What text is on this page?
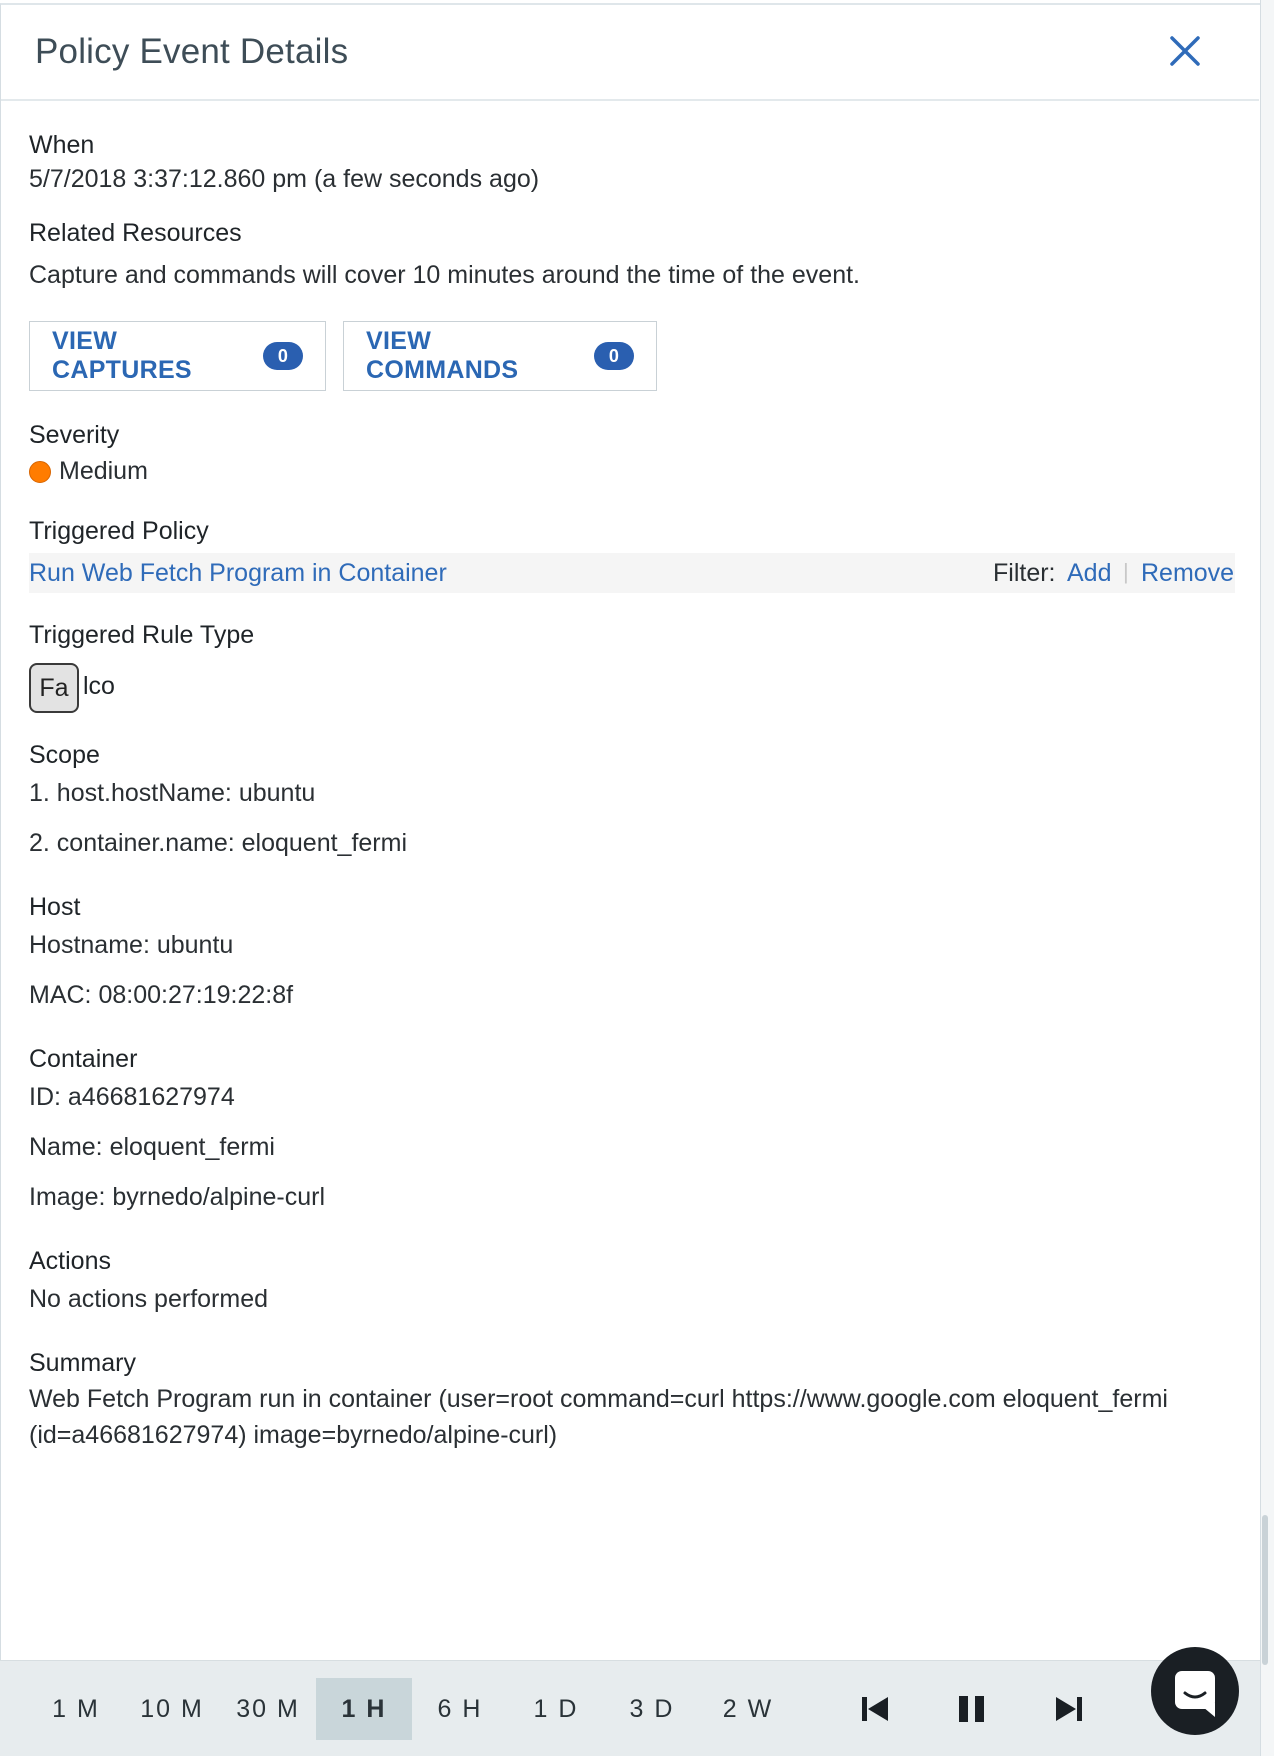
Policy Event Details
When
5/7/2018 3:37:12.860 pm (a few seconds ago)
Related Resources
Capture and commands will cover 10 minutes around the time of the event.
VIEW CAPTURES	0
VIEW COMMANDS	0
Severity
Medium
Triggered Policy
Run Web Fetch Program in Container	Filter: Add | Remove
Triggered Rule Type
Fa lco
Scope
1. host.hostName: ubuntu
2. container.name: eloquent_fermi
Host
Hostname: ubuntu
MAC: 08:00:27:19:22:8f
Container
ID: a46681627974
Name: eloquent_fermi
Image: byrnedo/alpine-curl
Actions
No actions performed
Summary
Web Fetch Program run in container (user=root command=curl https://www.google.com eloquent_fermi
(id=a46681627974) image=byrnedo/alpine-curl)
1 M	10 M	30 M	1 H	6 H	1 D	3 D	2 W
